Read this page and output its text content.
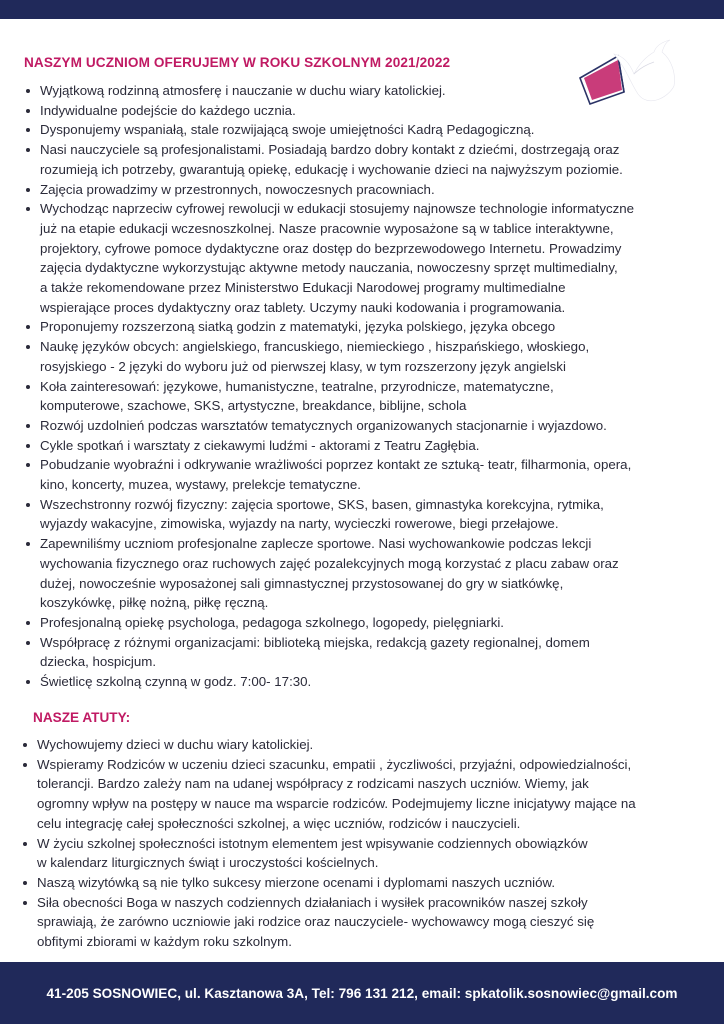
NASZYM UCZNIOM OFERUJEMY W ROKU SZKOLNYM 2021/2022
Wyjątkową rodzinną atmosferę i nauczanie w duchu wiary katolickiej.
Indywidualne podejście do każdego ucznia.
Dysponujemy wspaniałą, stale rozwijającą swoje umiejętności Kadrą Pedagogiczną.
Nasi nauczyciele są profesjonalistami. Posiadają bardzo dobry kontakt z dziećmi, dostrzegają oraz
rozumieją ich potrzeby, gwarantują opiekę, edukację i wychowanie dzieci na najwyższym poziomie.
Zajęcia prowadzimy w przestronnych, nowoczesnych pracowniach.
Wychodząc naprzeciw cyfrowej rewolucji w edukacji stosujemy najnowsze technologie informatyczne
już na etapie edukacji wczesnoszkolnej. Nasze pracownie wyposażone są w tablice interaktywne,
projektory, cyfrowe pomoce dydaktyczne oraz dostęp do bezprzewodowego Internetu. Prowadzimy
zajęcia dydaktyczne wykorzystując aktywne metody nauczania, nowoczesny sprzęt multimedialny,
a także rekomendowane przez Ministerstwo Edukacji Narodowej programy multimedialne
wspierające proces dydaktyczny oraz tablety. Uczymy nauki kodowania i programowania.
Proponujemy rozszerzoną siatką godzin z matematyki, języka polskiego, języka obcego
Naukę języków obcych: angielskiego, francuskiego, niemieckiego , hiszpańskiego, włoskiego,
rosyjskiego - 2 języki do wyboru już od pierwszej klasy, w tym rozszerzony język angielski
Koła zainteresowań: językowe, humanistyczne, teatralne, przyrodnicze, matematyczne,
komputerowe, szachowe, SKS, artystyczne, breakdance, biblijne, schola
Rozwój uzdolnień podczas warsztatów tematycznych organizowanych stacjonarnie i wyjazdowo.
Cykle spotkań i warsztaty z ciekawymi ludźmi - aktorami z Teatru Zagłębia.
Pobudzanie wyobraźni i odkrywanie wrażliwości poprzez kontakt ze sztuką- teatr, filharmonia, opera,
kino, koncerty, muzea, wystawy, prelekcje tematyczne.
Wszechstronny rozwój fizyczny: zajęcia sportowe, SKS, basen, gimnastyka korekcyjna, rytmika,
wyjazdy wakacyjne, zimowiska, wyjazdy na narty, wycieczki rowerowe, biegi przełajowe.
Zapewniliśmy uczniom profesjonalne zaplecze sportowe. Nasi wychowankowie podczas lekcji
wychowania fizycznego oraz ruchowych zajęć pozalekcyjnych mogą korzystać z placu zabaw oraz
dużej, nowocześnie wyposażonej sali gimnastycznej przystosowanej do gry w siatkówkę,
koszykówkę, piłkę nożną, piłkę ręczną.
Profesjonalną opiekę psychologa, pedagoga szkolnego, logopedy, pielęgniarki.
Współpracę z różnymi organizacjami: biblioteką miejska, redakcją gazety regionalnej, domem
dziecka, hospicjum.
Świetlicę szkolną czynną w godz. 7:00- 17:30.
NASZE ATUTY:
Wychowujemy dzieci w duchu wiary katolickiej.
Wspieramy Rodziców w uczeniu dzieci szacunku, empatii , życzliwości, przyjaźni, odpowiedzialności,
tolerancji. Bardzo zależy nam na udanej współpracy z rodzicami naszych uczniów. Wiemy, jak
ogromny wpływ na postępy w nauce ma wsparcie rodziców. Podejmujemy liczne inicjatywy mające na
celu integrację całej społeczności szkolnej, a więc uczniów, rodziców i nauczycieli.
W życiu szkolnej społeczności istotnym elementem jest wpisywanie codziennych obowiązków
w kalendarz liturgicznych świąt i uroczystości kościelnych.
Naszą wizytówką są nie tylko sukcesy mierzone ocenami i dyplomami naszych uczniów.
Siła obecności Boga w naszych codziennych działaniach i wysiłek pracowników naszej szkoły
sprawiają, że zarówno uczniowie jaki rodzice oraz nauczyciele- wychowawcy mogą cieszyć się
obfitymi zbiorami w każdym roku szkolnym.
41-205 SOSNOWIEC, ul. Kasztanowa 3A, Tel: 796 131 212, email: spkatolik.sosnowiec@gmail.com
